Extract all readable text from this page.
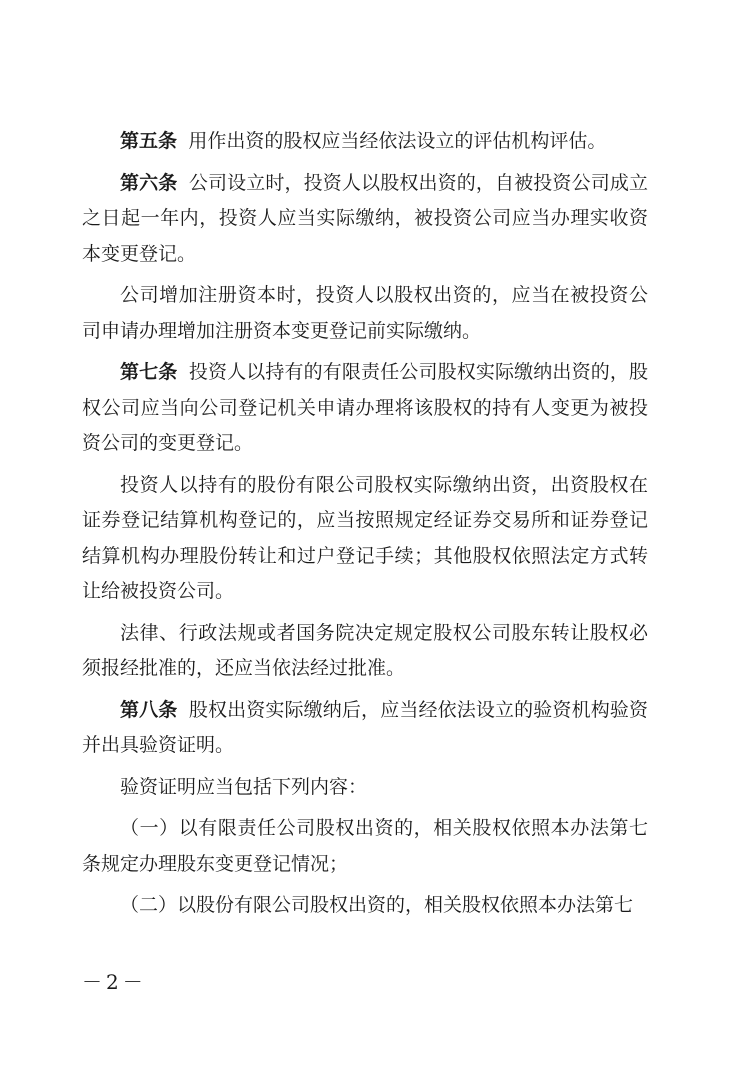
第五条 用作出资的股权应当经依法设立的评估机构评估。

第六条 公司设立时，投资人以股权出资的，自被投资公司成立之日起一年内，投资人应当实际缴纳，被投资公司应当办理实收资本变更登记。

公司增加注册资本时，投资人以股权出资的，应当在被投资公司申请办理增加注册资本变更登记前实际缴纳。

第七条 投资人以持有的有限责任公司股权实际缴纳出资的，股权公司应当向公司登记机关申请办理将该股权的持有人变更为被投资公司的变更登记。

投资人以持有的股份有限公司股权实际缴纳出资，出资股权在证券登记结算机构登记的，应当按照规定经证券交易所和证券登记结算机构办理股份转让和过户登记手续；其他股权依照法定方式转让给被投资公司。

法律、行政法规或者国务院决定规定股权公司股东转让股权必须报经批准的，还应当依法经过批准。

第八条 股权出资实际缴纳后，应当经依法设立的验资机构验资并出具验资证明。

验资证明应当包括下列内容：

（一）以有限责任公司股权出资的，相关股权依照本办法第七条规定办理股东变更登记情况；

（二）以股份有限公司股权出资的，相关股权依照本办法第七

－2－
